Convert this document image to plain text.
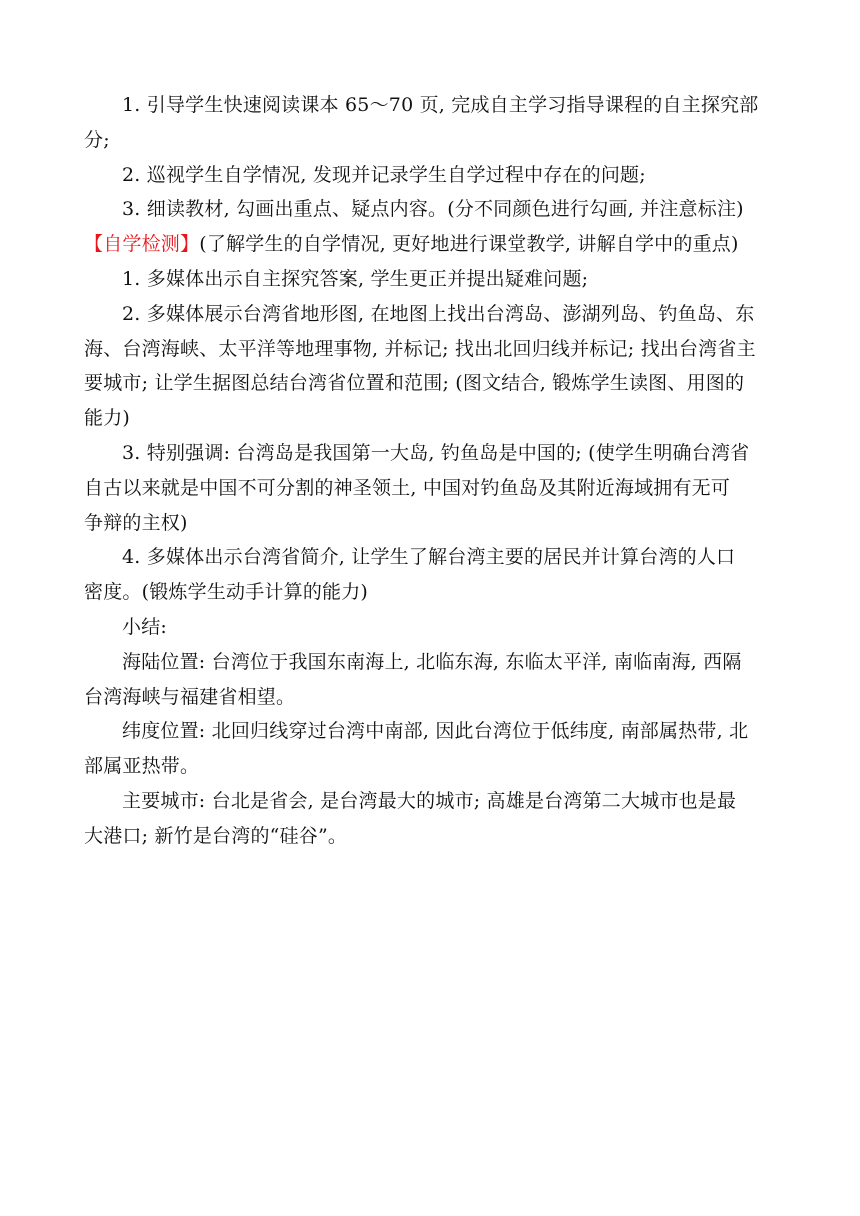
1. 引导学生快速阅读课本 65～70 页, 完成自主学习指导课程的自主探究部
分;
2. 巡视学生自学情况, 发现并记录学生自学过程中存在的问题;
3. 细读教材, 勾画出重点、疑点内容。(分不同颜色进行勾画, 并注意标注)
【自学检测】(了解学生的自学情况, 更好地进行课堂教学, 讲解自学中的重点)
1. 多媒体出示自主探究答案, 学生更正并提出疑难问题;
2. 多媒体展示台湾省地形图, 在地图上找出台湾岛、澎湖列岛、钓鱼岛、东
海、台湾海峡、太平洋等地理事物, 并标记; 找出北回归线并标记; 找出台湾省主
要城市; 让学生据图总结台湾省位置和范围; (图文结合, 锻炼学生读图、用图的
能力)
3. 特别强调: 台湾岛是我国第一大岛, 钓鱼岛是中国的; (使学生明确台湾省
自古以来就是中国不可分割的神圣领土, 中国对钓鱼岛及其附近海域拥有无可
争辩的主权)
4. 多媒体出示台湾省简介, 让学生了解台湾主要的居民并计算台湾的人口
密度。(锻炼学生动手计算的能力)
小结:
海陆位置: 台湾位于我国东南海上, 北临东海, 东临太平洋, 南临南海, 西隔
台湾海峡与福建省相望。
纬度位置: 北回归线穿过台湾中南部, 因此台湾位于低纬度, 南部属热带, 北
部属亚热带。
主要城市: 台北是省会, 是台湾最大的城市; 高雄是台湾第二大城市也是最
大港口; 新竹是台湾的“硅谷”。
